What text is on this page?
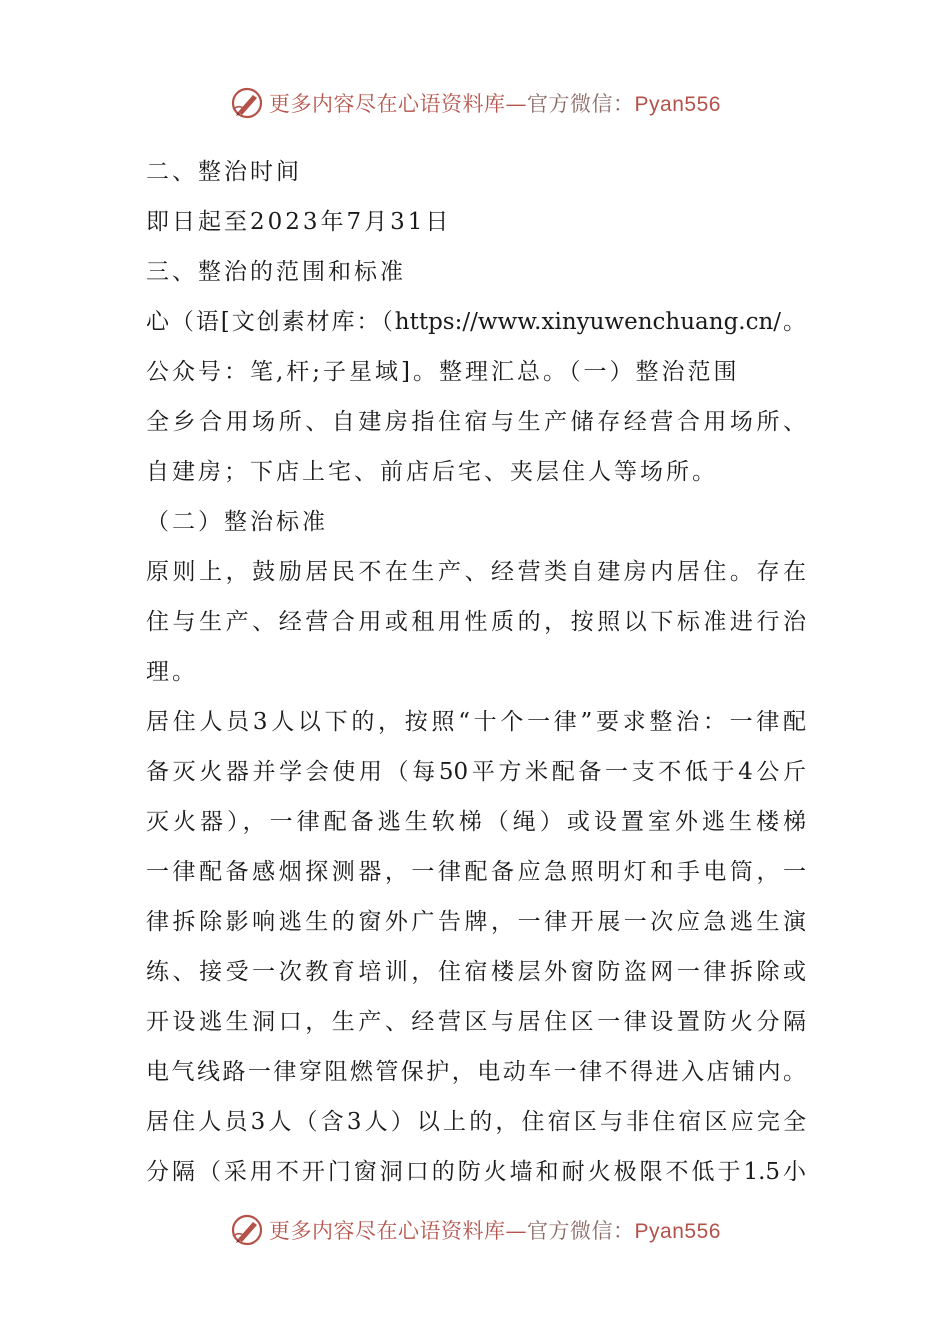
更多内容尽在心语资料库—官方微信：Pyan556
二、整治时间
即日起至2023年7月31日
三、整治的范围和标准
心（语[文创素材库：（https://www.xinyuwenchuang.cn/。
公众号：笔,杆;子星域]。整理汇总。（一）整治范围
全乡合用场所、自建房指住宿与生产储存经营合用场所、
自建房；下店上宅、前店后宅、夹层住人等场所。
（二）整治标准
原则上，鼓励居民不在生产、经营类自建房内居住。存在
住与生产、经营合用或租用性质的，按照以下标准进行治
理。
居住人员3人以下的，按照“十个一律”要求整治：一律配
备灭火器并学会使用（每50平方米配备一支不低于4公斤
灭火器），一律配备逃生软梯（绳）或设置室外逃生楼梯
一律配备感烟探测器，一律配备应急照明灯和手电筒，一
律拆除影响逃生的窗外广告牌，一律开展一次应急逃生演
练、接受一次教育培训，住宿楼层外窗防盗网一律拆除或
开设逃生洞口，生产、经营区与居住区一律设置防火分隔
电气线路一律穿阻燃管保护，电动车一律不得进入店铺内。
居住人员3人（含3人）以上的，住宿区与非住宿区应完全
分隔（采用不开门窗洞口的防火墙和耐火极限不低于1.5小
更多内容尽在心语资料库—官方微信：Pyan556
